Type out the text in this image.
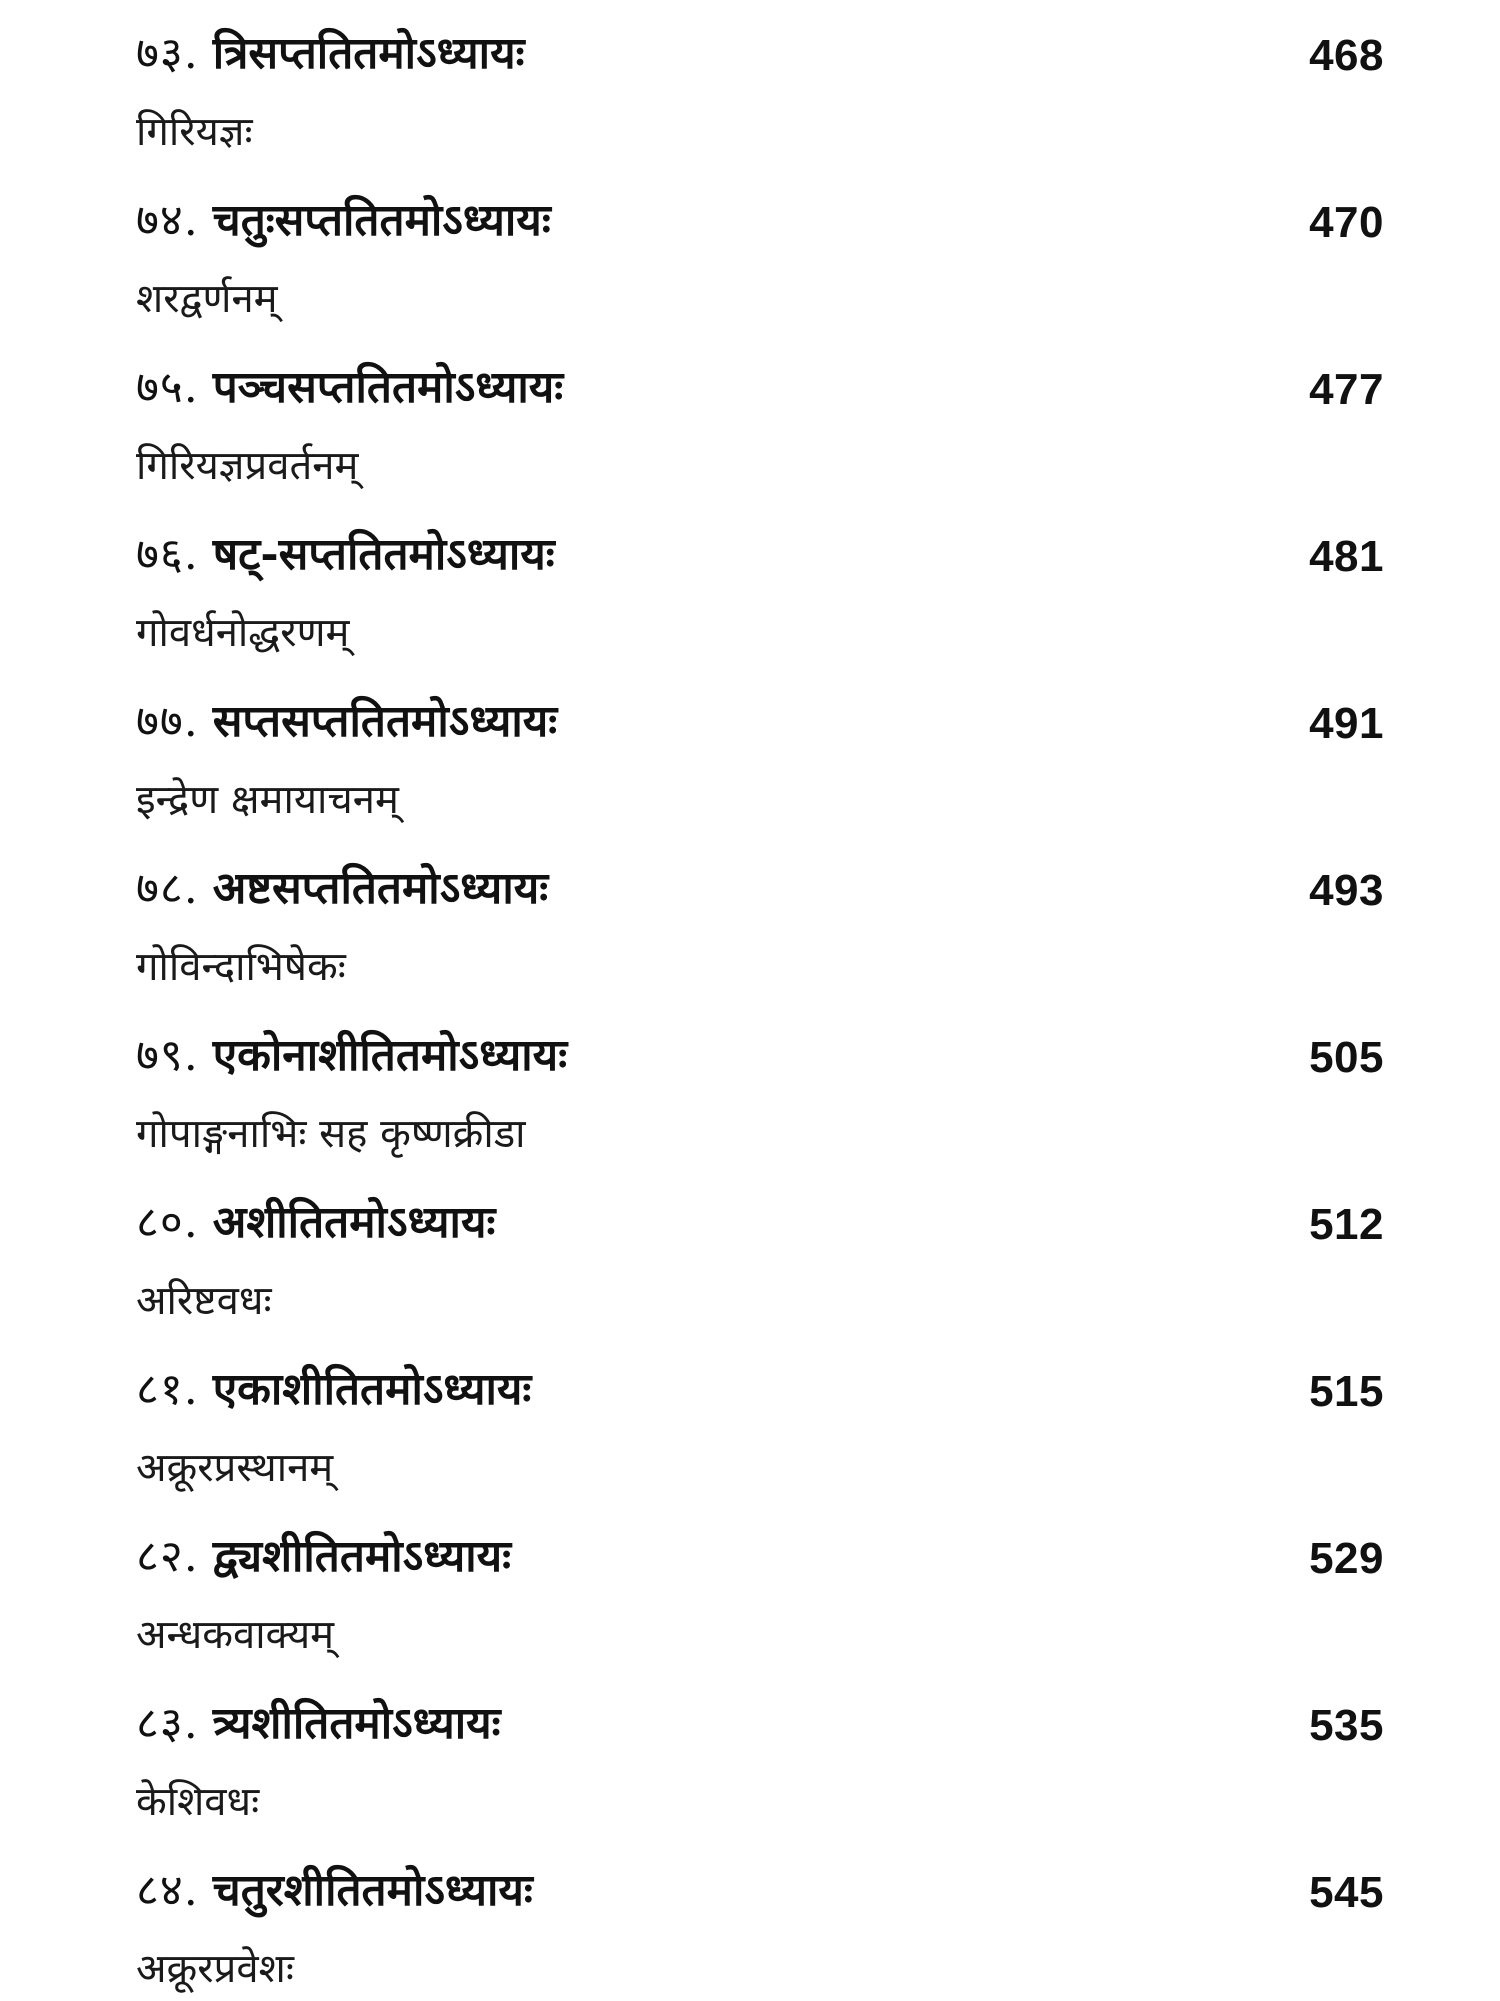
७३. त्रिसप्ततितमोऽध्यायः	468
गिरियज्ञः
७४. चतुःसप्ततितमोऽध्यायः	470
शरद्वर्णनम्
७५. पञ्चसप्ततितमोऽध्यायः	477
गिरियज्ञप्रवर्तनम्
७६. षट्-सप्ततितमोऽध्यायः	481
गोवर्धनोद्धरणम्
७७. सप्तसप्ततितमोऽध्यायः	491
इन्द्रेण क्षमायाचनम्
७८. अष्टसप्ततितमोऽध्यायः	493
गोविन्दाभिषेकः
७९. एकोनाशीतितमोऽध्यायः	505
गोपाङ्गनाभिः सह कृष्णक्रीडा
८०. अशीतितमोऽध्यायः	512
अरिष्टवधः
८१. एकाशीतितमोऽध्यायः	515
अक्रूरप्रस्थानम्
८२. द्व्यशीतितमोऽध्यायः	529
अन्धकवाक्यम्
८३. त्र्यशीतितमोऽध्यायः	535
केशिवधः
८४. चतुरशीतितमोऽध्यायः	545
अक्रूरप्रवेशः
